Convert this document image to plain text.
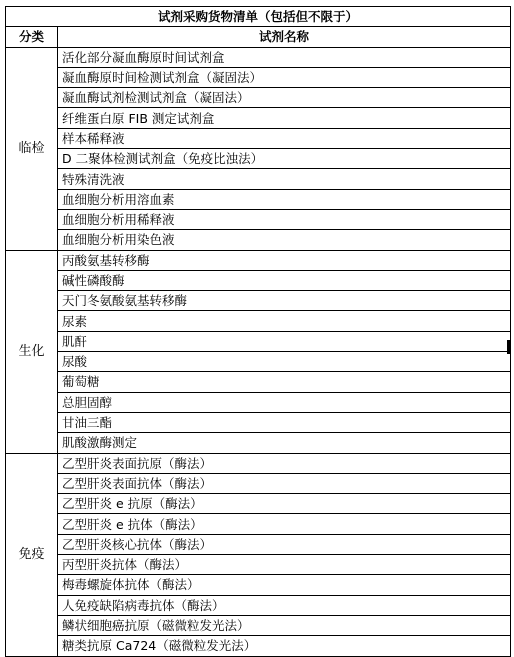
试剂采购货物清单（包括但不限于）	
分类	试剂名称
临检	活化部分凝血酶原时间试剂盒
	凝血酶原时间检测试剂盒（凝固法）
	凝血酶试剂检测试剂盒（凝固法）
	纤维蛋白原 FIB 测定试剂盒
	样本稀释液
	D 二聚体检测试剂盒（免疫比浊法）
	特殊清洗液
	血细胞分析用溶血素
	血细胞分析用稀释液
	血细胞分析用染色液
生化	丙酸氨基转移酶
	碱性磷酸酶
	天门冬氨酸氨基转移酶
	尿素
	肌酐
	尿酸
	葡萄糖
	总胆固醇
	甘油三酯
	肌酸激酶测定
免疫	乙型肝炎表面抗原（酶法）
	乙型肝炎表面抗体（酶法）
	乙型肝炎 e 抗原（酶法）
	乙型肝炎 e 抗体（酶法）
	乙型肝炎核心抗体（酶法）
	丙型肝炎抗体（酶法）
	梅毒螺旋体抗体（酶法）
	人免疫缺陷病毒抗体（酶法）
	鳞状细胞癌抗原（磁微粒发光法）
	糖类抗原 Ca724（磁微粒发光法）
